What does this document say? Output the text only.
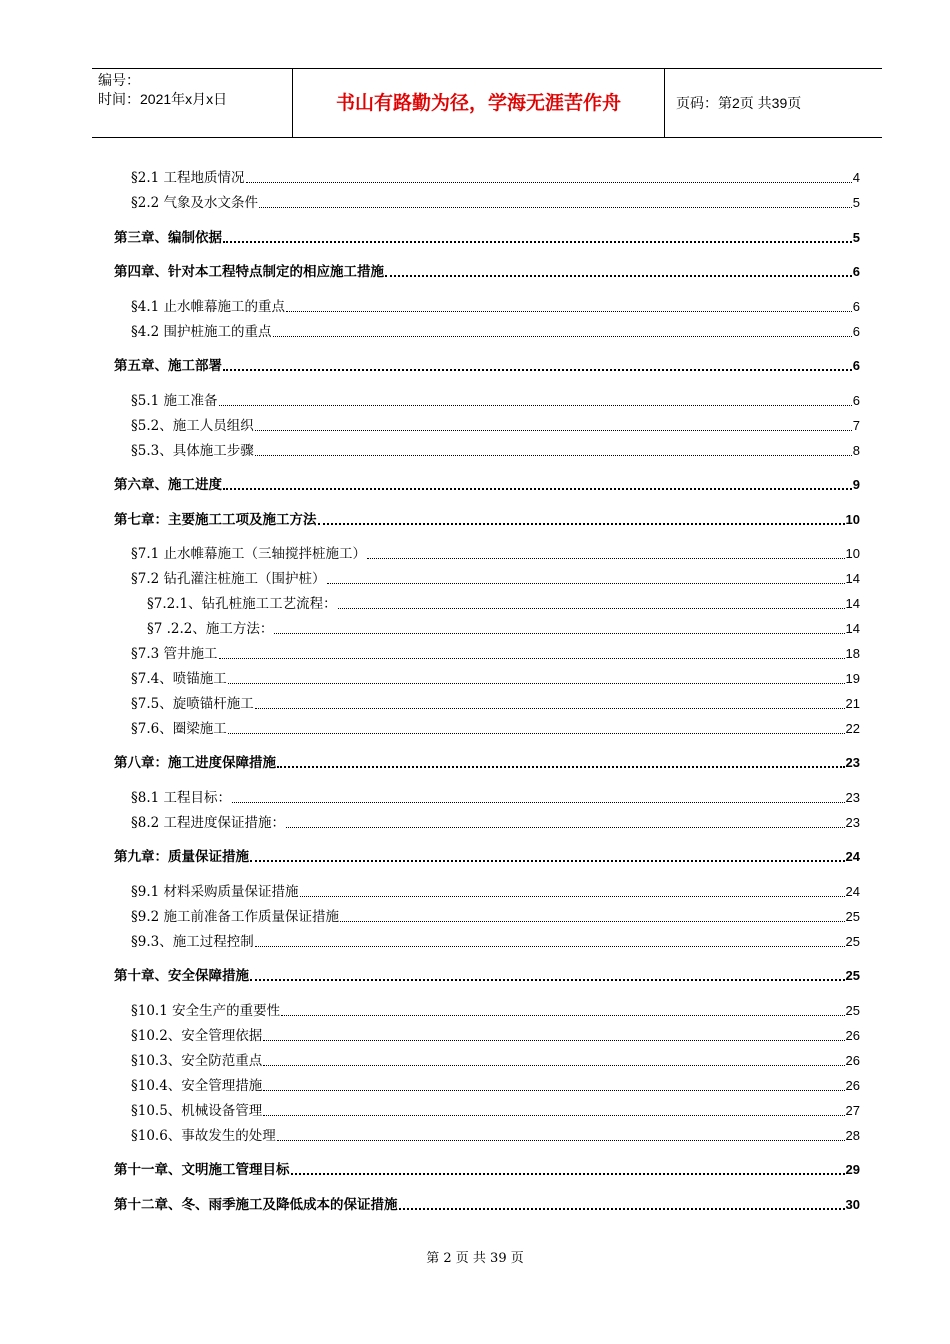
编号：
时间：2021年x月x日	书山有路勤为径，学海无涯苦作舟	页码：第2页 共39页
§2.1 工程地质情况	4
§2.2 气象及水文条件	5
第三章、编制依据	5
第四章、针对本工程特点制定的相应施工措施	6
§4.1 止水帷幕施工的重点	6
§4.2 围护桩施工的重点	6
第五章、施工部署	6
§5.1 施工准备	6
§5.2、施工人员组织	7
§5.3、具体施工步骤	8
第六章、施工进度	9
第七章：主要施工工项及施工方法	10
§7.1 止水帷幕施工（三轴搅拌桩施工）	10
§7.2 钻孔灌注桩施工（围护桩）	14
§7.2.1、钻孔桩施工工艺流程：	14
§7 .2.2、施工方法：	14
§7.3 管井施工	18
§7.4、喷锚施工	19
§7.5、旋喷锚杆施工	21
§7.6、圈梁施工	22
第八章：施工进度保障措施	23
§8.1 工程目标：	23
§8.2 工程进度保证措施：	23
第九章：质量保证措施	24
§9.1 材料采购质量保证措施	24
§9.2 施工前准备工作质量保证措施	25
§9.3、施工过程控制	25
第十章、安全保障措施	25
§10.1 安全生产的重要性	25
§10.2、安全管理依据	26
§10.3、安全防范重点	26
§10.4、安全管理措施	26
§10.5、机械设备管理	27
§10.6、事故发生的处理	28
第十一章、文明施工管理目标	29
第十二章、冬、雨季施工及降低成本的保证措施	30
第 2 页 共 39 页
